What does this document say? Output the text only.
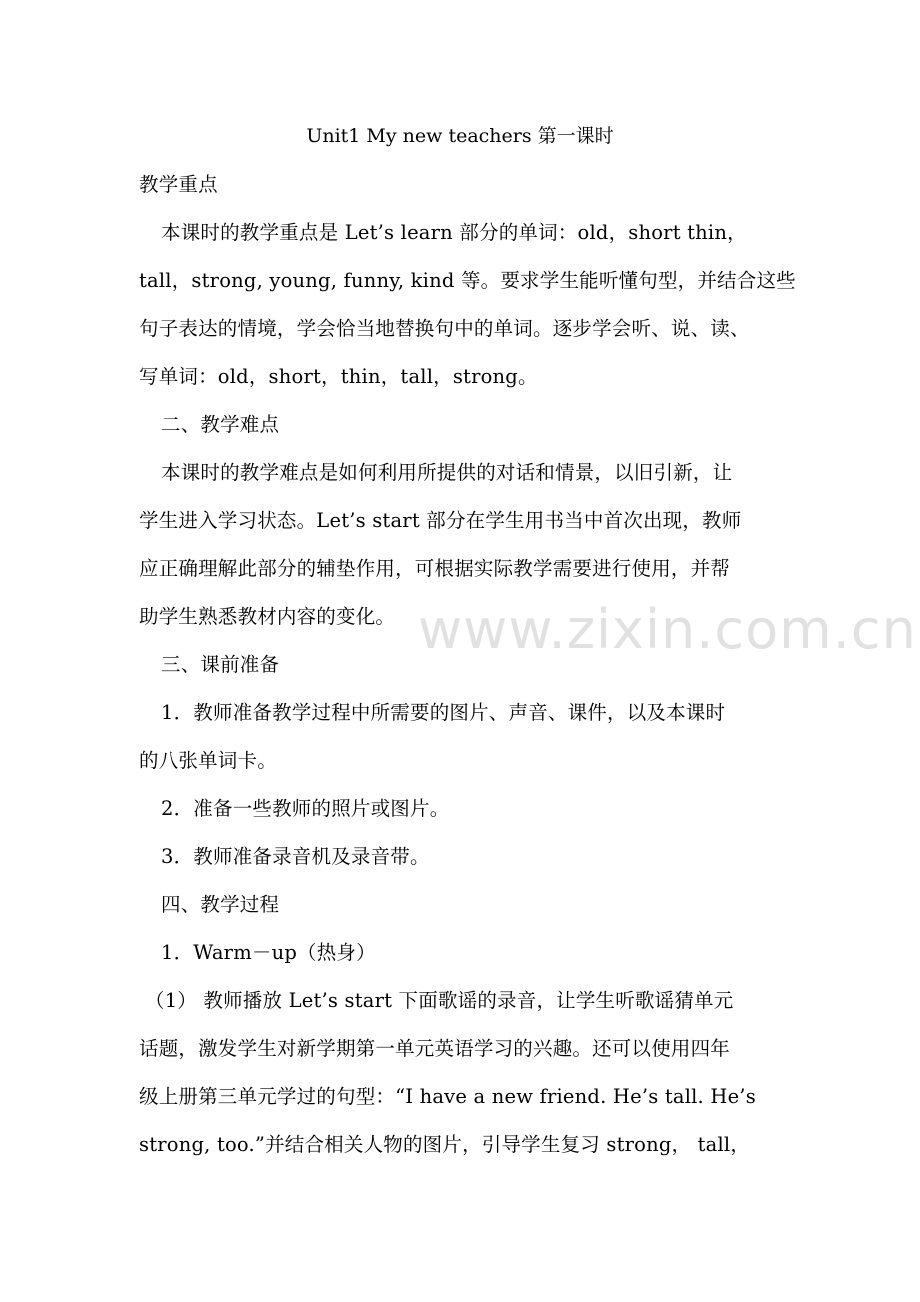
Unit1 My new teachers 第一课时
教学重点
本课时的教学重点是 Let’s learn 部分的单词：old，short thin，
tall，strong, young, funny, kind 等。要求学生能听懂句型，并结合这些
句子表达的情境，学会恰当地替换句中的单词。逐步学会听、说、读、
写单词：old，short，thin，tall，strong。
二、教学难点
本课时的教学难点是如何利用所提供的对话和情景，以旧引新，让
学生进入学习状态。Let’s start 部分在学生用书当中首次出现，教师
应正确理解此部分的辅垫作用，可根据实际教学需要进行使用，并帮
助学生熟悉教材内容的变化。
三、课前准备
1．教师准备教学过程中所需要的图片、声音、课件，以及本课时
的八张单词卡。
2．准备一些教师的照片或图片。
3．教师准备录音机及录音带。
四、教学过程
1．Warm－up（热身）
（1） 教师播放 Let’s start 下面歌谣的录音，让学生听歌谣猜单元
话题，激发学生对新学期第一单元英语学习的兴趣。还可以使用四年
级上册第三单元学过的句型：“I have a new friend. He’s tall. He’s
strong, too.”并结合相关人物的图片，引导学生复习 strong， tall，
www.zixin.com.cn
